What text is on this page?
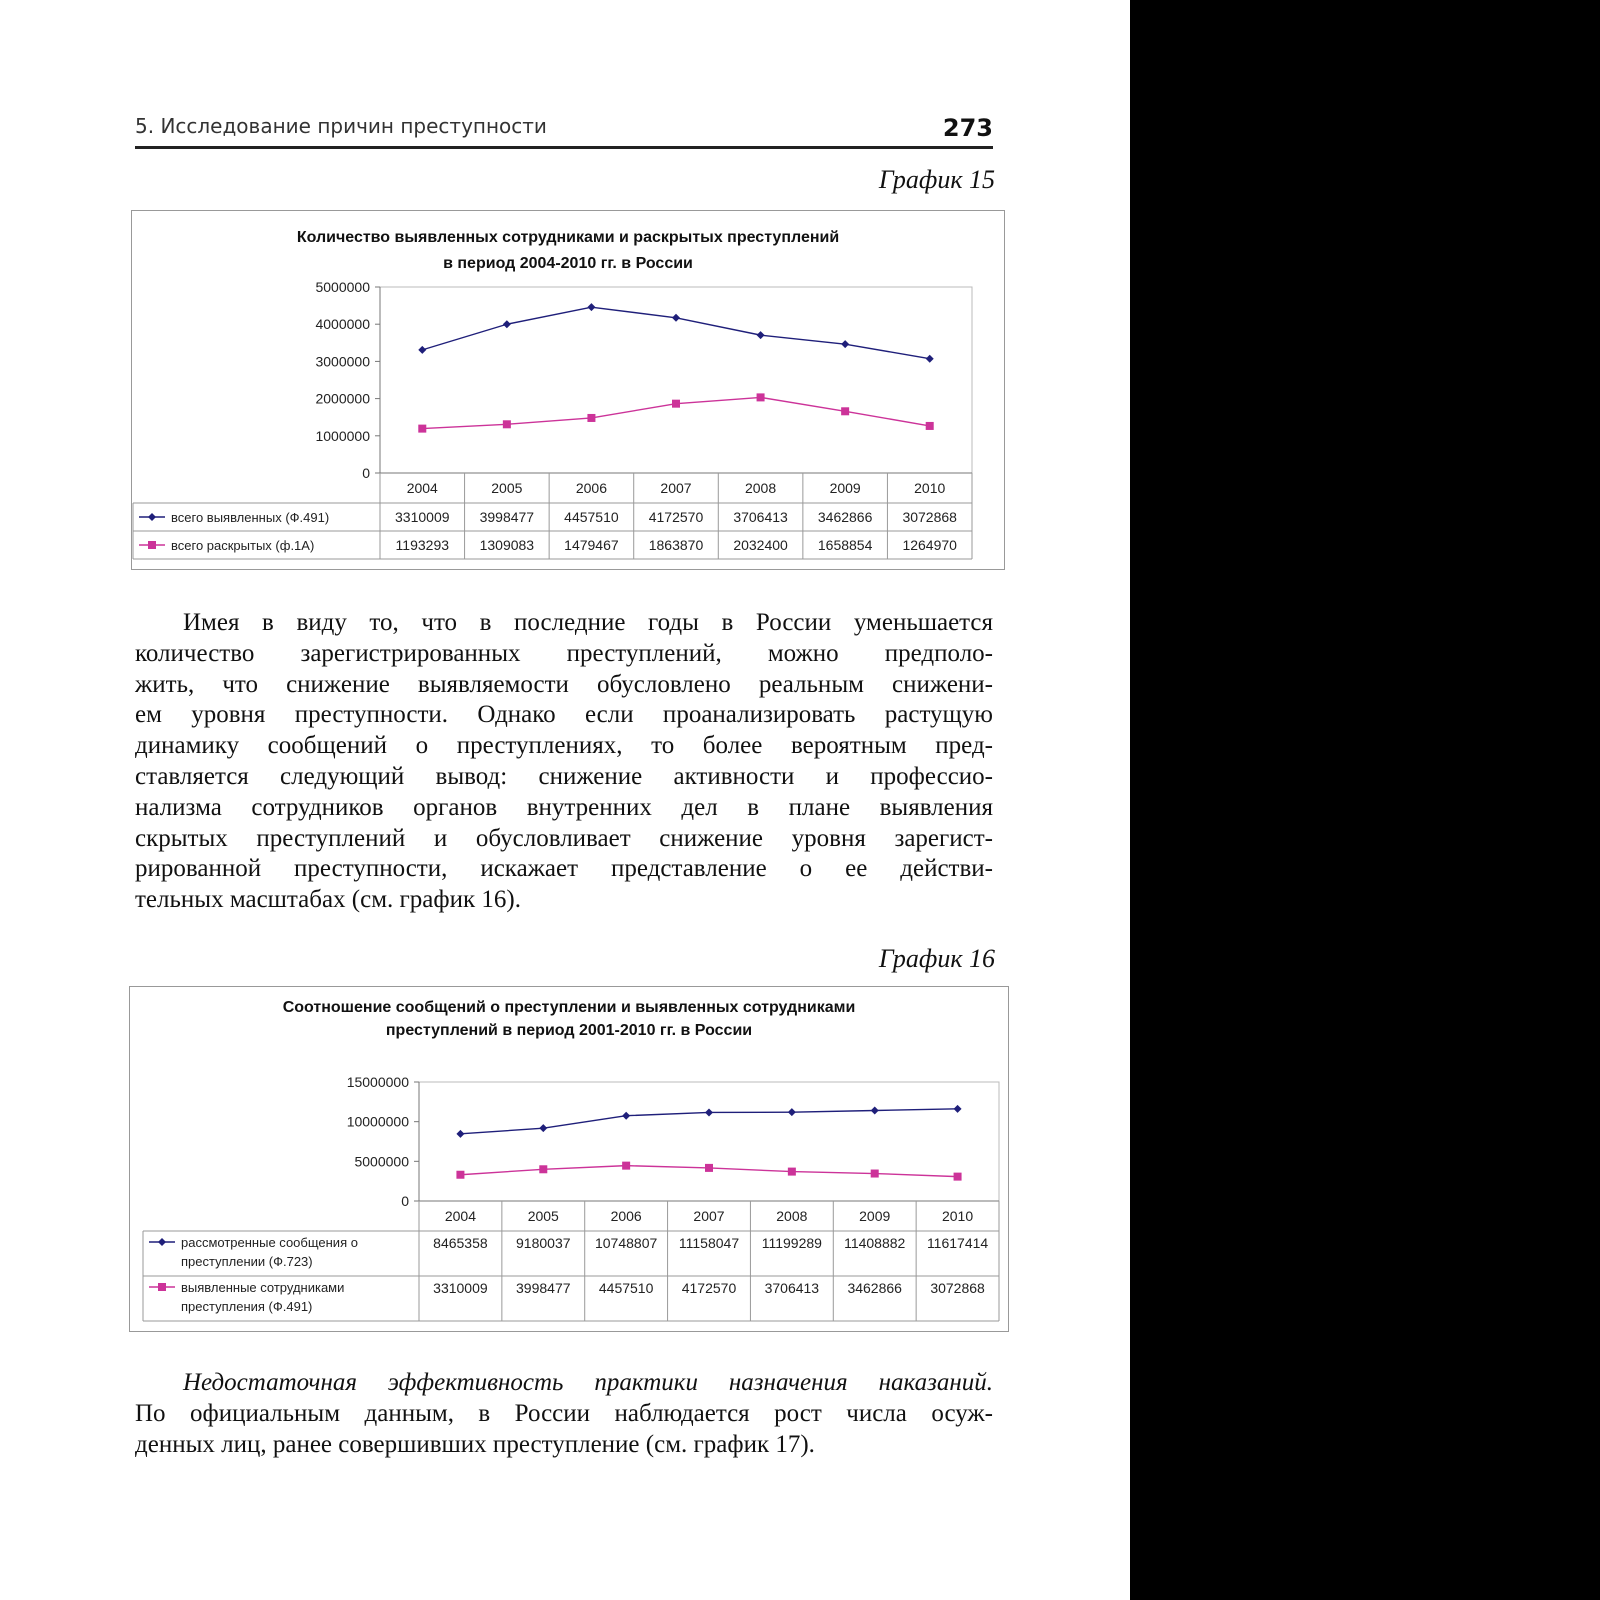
5. Исследование причин преступности	273
График 15
Количество выявленных сотрудниками и раскрытых преступлений
в период 2004-2010 гг. в России
0
1000000
2000000
3000000
4000000
5000000
2004	2005	2006	2007	2008	2009	2010
всего выявленных (Ф.491)	3310009 3998477 4457510 4172570 3706413 3462866 3072868
всего раскрытых (ф.1А)	1193293 1309083 1479467 1863870 2032400 1658854 1264970
Имея в виду то, что в последние годы в России уменьшается
количество зарегистрированных преступлений, можно предполо-
жить, что снижение выявляемости обусловлено реальным снижени-
ем уровня преступности. Однако если проанализировать растущую
динамику сообщений о преступлениях, то более вероятным пред-
ставляется следующий вывод: снижение активности и профессио-
нализма сотрудников органов внутренних дел в плане выявления
скрытых преступлений и обусловливает снижение уровня зарегист-
рированной преступности, искажает представление о ее действи-
тельных масштабах (см. график 16).
График 16
Соотношение сообщений о преступлении и выявленных сотрудниками
преступлений в период 2001-2010 гг. в России
0
5000000
10000000
15000000
2004	2005	2006	2007	2008	2009	2010
рассмотренные сообщения о
преступлении (Ф.723)
8465358 9180037 10748807 11158047 11199289 11408882 11617414
выявленные сотрудниками
преступления (Ф.491)
3310009 3998477 4457510 4172570 3706413 3462866 3072868
Недостаточная эффективность практики назначения наказаний.
По официальным данным, в России наблюдается рост числа осуж-
денных лиц, ранее совершивших преступление (см. график 17).
